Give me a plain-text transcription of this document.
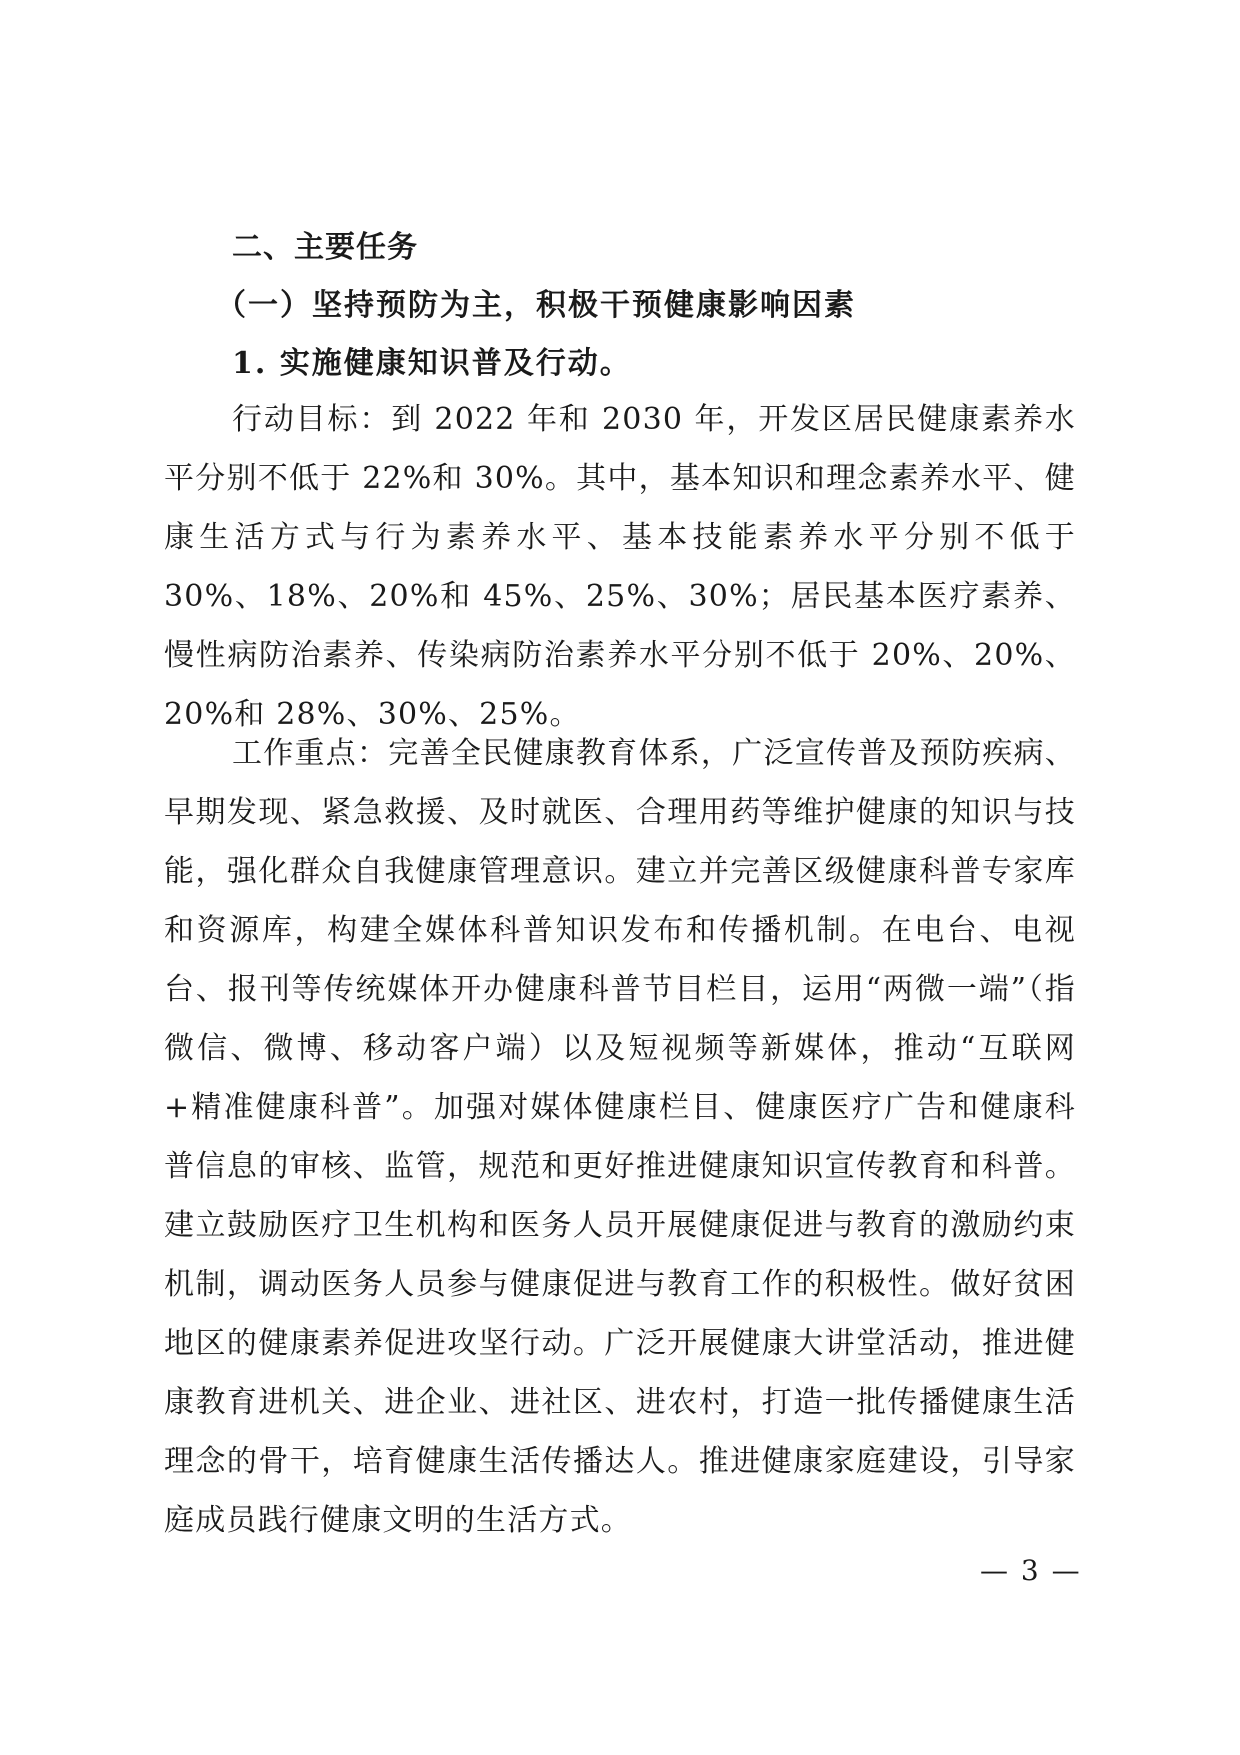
二、主要任务
（一）坚持预防为主，积极干预健康影响因素
1. 实施健康知识普及行动。

行动目标：到 2022 年和 2030 年，开发区居民健康素养水平分别不低于 22%和 30%。其中，基本知识和理念素养水平、健康生活方式与行为素养水平、基本技能素养水平分别不低于 30%、18%、20%和 45%、25%、30%；居民基本医疗素养、慢性病防治素养、传染病防治素养水平分别不低于 20%、20%、20%和 28%、30%、25%。

工作重点：完善全民健康教育体系，广泛宣传普及预防疾病、早期发现、紧急救援、及时就医、合理用药等维护健康的知识与技能，强化群众自我健康管理意识。建立并完善区级健康科普专家库和资源库，构建全媒体科普知识发布和传播机制。在电台、电视台、报刊等传统媒体开办健康科普节目栏目，运用“两微一端”（指微信、微博、移动客户端）以及短视频等新媒体，推动“互联网+精准健康科普”。加强对媒体健康栏目、健康医疗广告和健康科普信息的审核、监管，规范和更好推进健康知识宣传教育和科普。建立鼓励医疗卫生机构和医务人员开展健康促进与教育的激励约束机制，调动医务人员参与健康促进与教育工作的积极性。做好贫困地区的健康素养促进攻坚行动。广泛开展健康大讲堂活动，推进健康教育进机关、进企业、进社区、进农村，打造一批传播健康生活理念的骨干，培育健康生活传播达人。推进健康家庭建设，引导家庭成员践行健康文明的生活方式。

— 3 —
